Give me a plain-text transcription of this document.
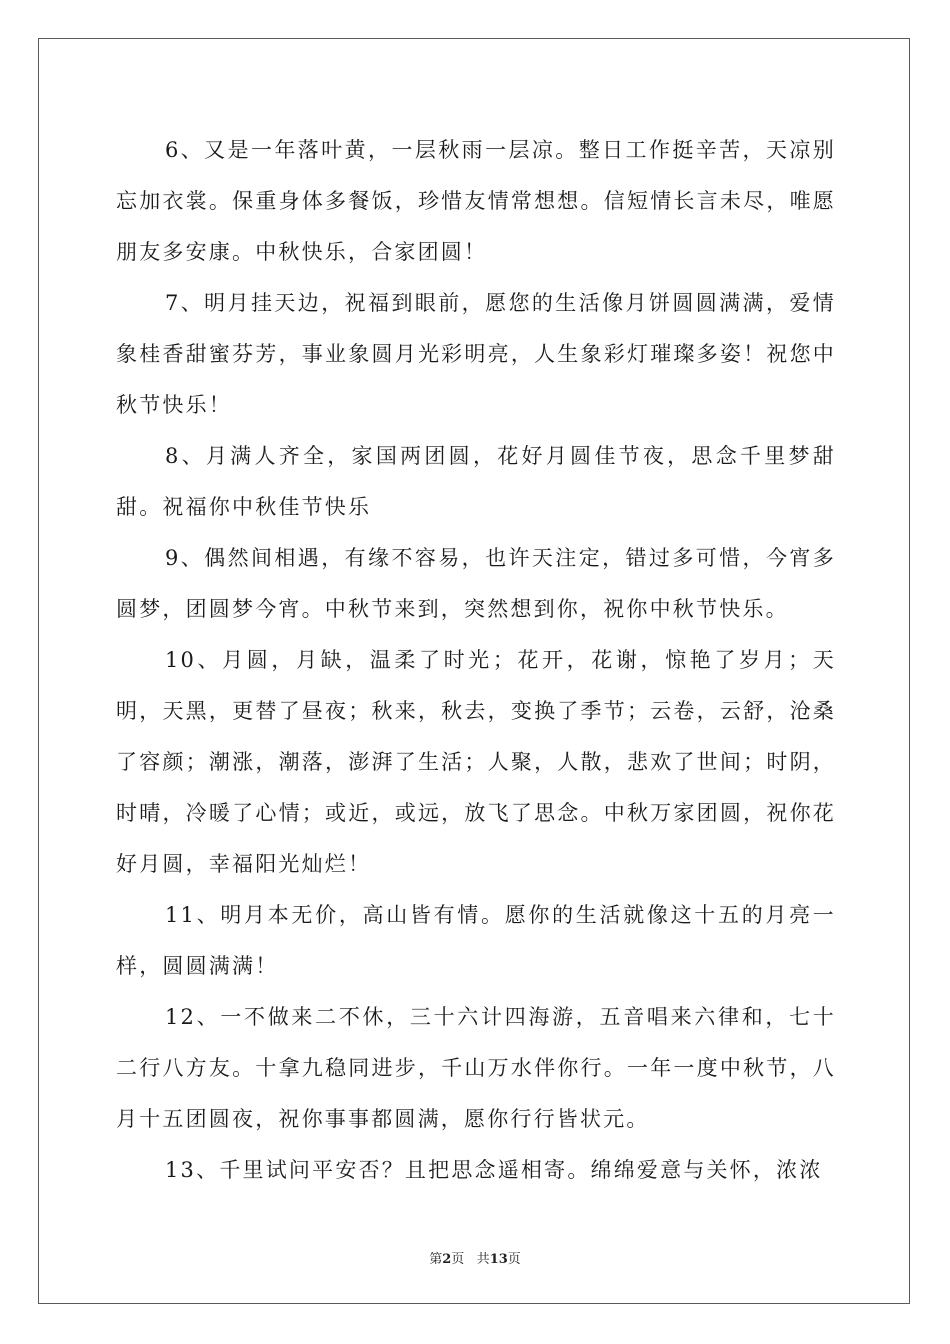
6、又是一年落叶黄，一层秋雨一层凉。整日工作挺辛苦，天凉别忘加衣裳。保重身体多餐饭，珍惜友情常想想。信短情长言未尽，唯愿朋友多安康。中秋快乐，合家团圆！

7、明月挂天边，祝福到眼前，愿您的生活像月饼圆圆满满，爱情象桂香甜蜜芬芳，事业象圆月光彩明亮，人生象彩灯璀璨多姿！祝您中秋节快乐！

8、月满人齐全，家国两团圆，花好月圆佳节夜，思念千里梦甜甜。祝福你中秋佳节快乐

9、偶然间相遇，有缘不容易，也许天注定，错过多可惜，今宵多圆梦，团圆梦今宵。中秋节来到，突然想到你，祝你中秋节快乐。

10、月圆，月缺，温柔了时光；花开，花谢，惊艳了岁月；天明，天黑，更替了昼夜；秋来，秋去，变换了季节；云卷，云舒，沧桑了容颜；潮涨，潮落，澎湃了生活；人聚，人散，悲欢了世间；时阴，时晴，冷暖了心情；或近，或远，放飞了思念。中秋万家团圆，祝你花好月圆，幸福阳光灿烂！

11、明月本无价，高山皆有情。愿你的生活就像这十五的月亮一样，圆圆满满！

12、一不做来二不休，三十六计四海游，五音唱来六律和，七十二行八方友。十拿九稳同进步，千山万水伴你行。一年一度中秋节，八月十五团圆夜，祝你事事都圆满，愿你行行皆状元。

13、千里试问平安否？且把思念遥相寄。绵绵爱意与关怀，浓浓

第2页 共13页
